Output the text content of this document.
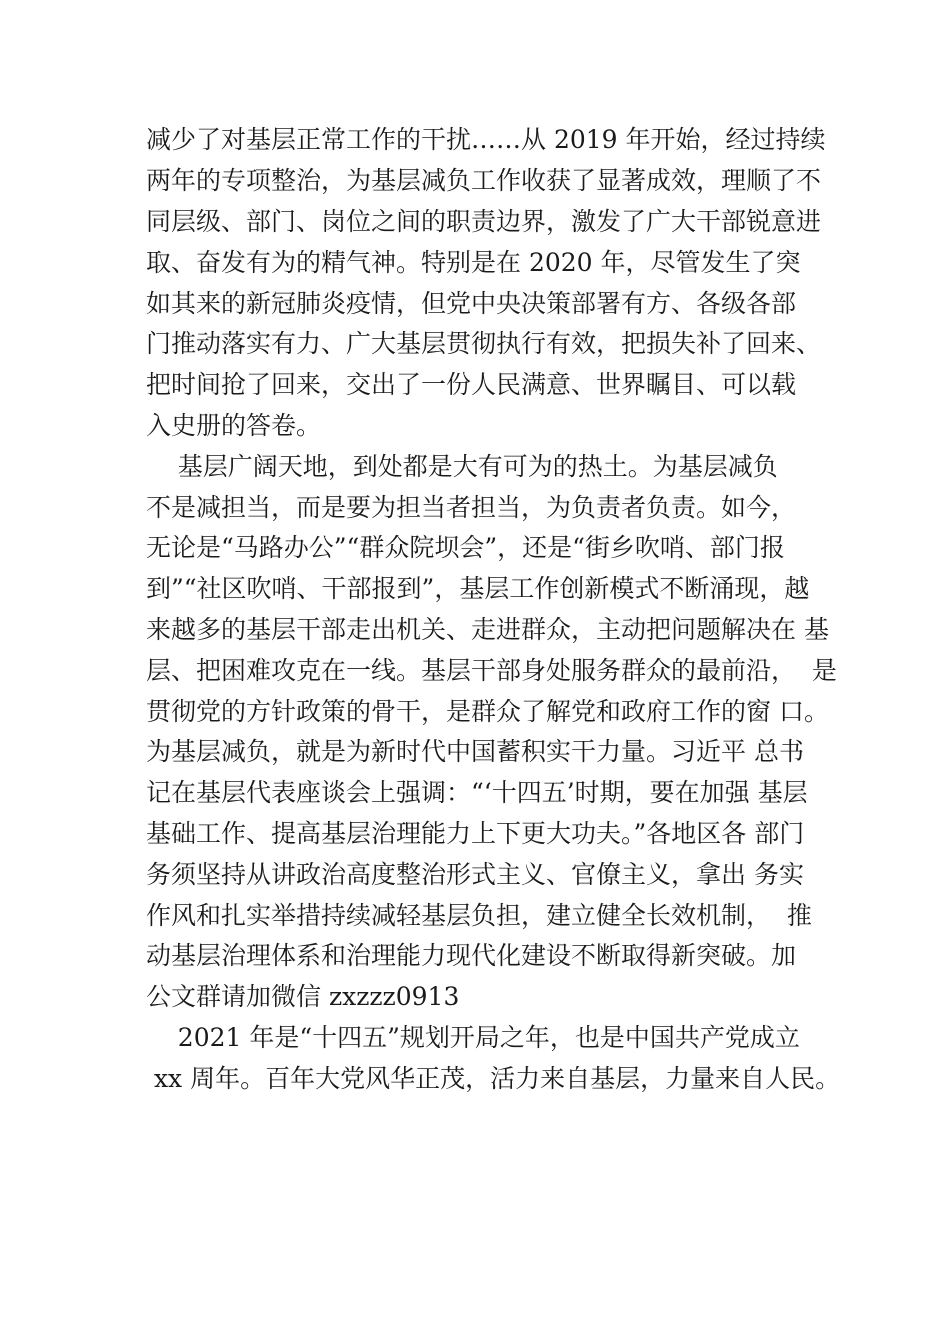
减少了对基层正常工作的干扰……从 2019 年开始，经过持续
两年的专项整治，为基层减负工作收获了显著成效，理顺了不
同层级、部门、岗位之间的职责边界，激发了广大干部锐意进
取、奋发有为的精气神。特别是在 2020 年，尽管发生了突
如其来的新冠肺炎疫情，但党中央决策部署有方、各级各部
门推动落实有力、广大基层贯彻执行有效，把损失补了回来、
把时间抢了回来，交出了一份人民满意、世界瞩目、可以载
入史册的答卷。
基层广阔天地，到处都是大有可为的热土。为基层减负
不是减担当，而是要为担当者担当，为负责者负责。如今，
无论是“马路办公”“群众院坝会”，还是“街乡吹哨、部门报
到”“社区吹哨、干部报到”，基层工作创新模式不断涌现，越
来越多的基层干部走出机关、走进群众，主动把问题解决在 基
层、把困难攻克在一线。基层干部身处服务群众的最前沿，  是
贯彻党的方针政策的骨干，是群众了解党和政府工作的窗 口。
为基层减负，就是为新时代中国蓄积实干力量。习近平 总书
记在基层代表座谈会上强调：“‘十四五’时期，要在加强 基层
基础工作、提高基层治理能力上下更大功夫。”各地区各 部门
务须坚持从讲政治高度整治形式主义、官僚主义，拿出 务实
作风和扎实举措持续减轻基层负担，建立健全长效机制，  推
动基层治理体系和治理能力现代化建设不断取得新突破。加
公文群请加微信 zxzzz0913
2021 年是“十四五”规划开局之年，也是中国共产党成立
xx 周年。百年大党风华正茂，活力来自基层，力量来自人民。
